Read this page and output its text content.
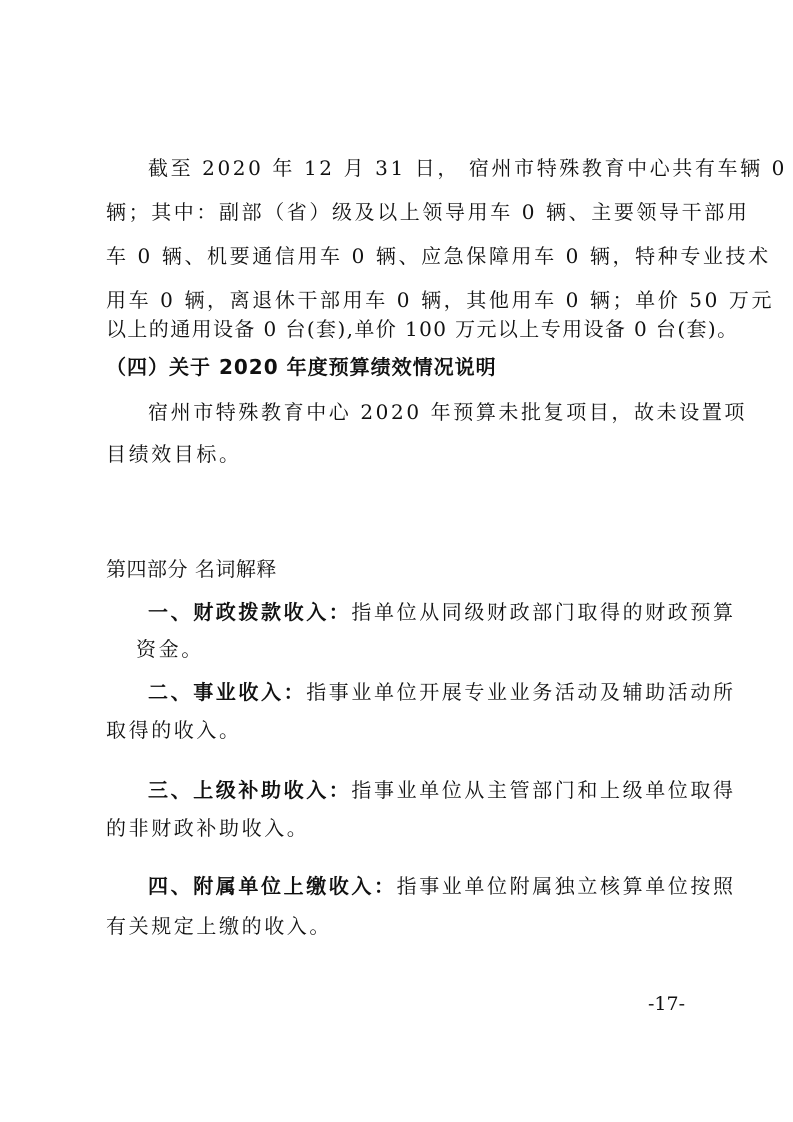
截至 2020 年 12 月 31 日， 宿州市特殊教育中心共有车辆 0
辆；其中：副部（省）级及以上领导用车 0 辆、主要领导干部用
车 0 辆、机要通信用车 0 辆、应急保障用车 0 辆，特种专业技术
用车 0 辆，离退休干部用车 0 辆，其他用车 0 辆；单价 50 万元
以上的通用设备 0 台(套),单价 100 万元以上专用设备 0 台(套)。
（四）关于 2020 年度预算绩效情况说明
宿州市特殊教育中心 2020 年预算未批复项目，故未设置项
目绩效目标。
第四部分 名词解释
一、财政拨款收入：指单位从同级财政部门取得的财政预算
资金。
二、事业收入：指事业单位开展专业业务活动及辅助活动所
取得的收入。
三、上级补助收入：指事业单位从主管部门和上级单位取得
的非财政补助收入。
四、附属单位上缴收入：指事业单位附属独立核算单位按照
有关规定上缴的收入。
-17-
